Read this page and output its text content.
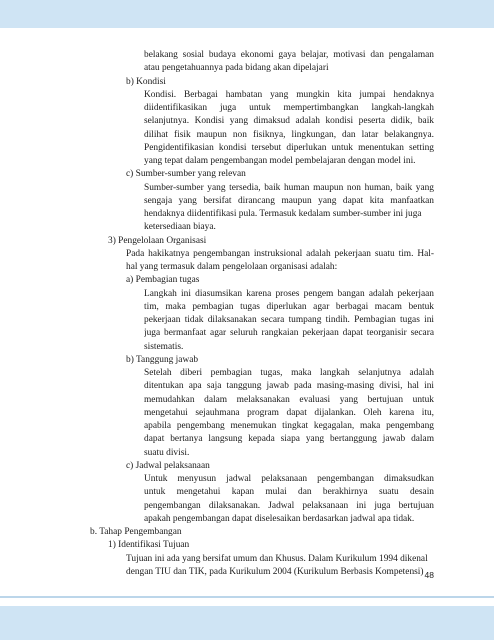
belakang sosial budaya ekonomi gaya belajar, motivasi dan pengalaman
atau pengetahuannya pada bidang akan dipelajari
b) Kondisi
Kondisi. Berbagai hambatan yang mungkin kita jumpai hendaknya
diidentifikasikan juga untuk mempertimbangkan langkah-langkah
selanjutnya. Kondisi yang dimaksud adalah kondisi peserta didik, baik
dilihat fisik maupun non fisiknya, lingkungan, dan latar belakangnya.
Pengidentifikasian kondisi tersebut diperlukan untuk menentukan setting
yang tepat dalam pengembangan model pembelajaran dengan model ini.
c) Sumber-sumber yang relevan
Sumber-sumber yang tersedia, baik human maupun non human, baik yang
sengaja yang bersifat dirancang maupun yang dapat kita manfaatkan
hendaknya diidentifikasi pula. Termasuk kedalam sumber-sumber ini juga
ketersediaan biaya.
3) Pengelolaan Organisasi
Pada hakikatnya pengembangan instruksional adalah pekerjaan suatu tim. Hal-
hal yang termasuk dalam pengelolaan organisasi adalah:
a) Pembagian tugas
Langkah ini diasumsikan karena proses pengem bangan adalah pekerjaan
tim, maka pembagian tugas diperlukan agar berbagai macam bentuk
pekerjaan tidak dilaksanakan secara tumpang tindih. Pembagian tugas ini
juga bermanfaat agar seluruh rangkaian pekerjaan dapat teorganisir secara
sistematis.
b) Tanggung jawab
Setelah diberi pembagian tugas, maka langkah selanjutnya adalah
ditentukan apa saja tanggung jawab pada masing-masing divisi, hal ini
memudahkan dalam melaksanakan evaluasi yang bertujuan untuk
mengetahui sejauhmana program dapat dijalankan. Oleh karena itu,
apabila pengembang menemukan tingkat kegagalan, maka pengembang
dapat bertanya langsung kepada siapa yang bertanggung jawab dalam
suatu divisi.
c) Jadwal pelaksanaan
Untuk menyusun jadwal pelaksanaan pengembangan dimaksudkan
untuk mengetahui kapan mulai dan berakhirnya suatu desain
pengembangan dilaksanakan. Jadwal pelaksanaan ini juga bertujuan
apakah pengembangan dapat diselesaikan berdasarkan jadwal apa tidak.
b. Tahap Pengembangan
1) Identifikasi Tujuan
Tujuan ini ada yang bersifat umum dan Khusus. Dalam Kurikulum 1994 dikenal
dengan TIU dan TIK, pada Kurikulum 2004 (Kurikulum Berbasis Kompetensi) 48
